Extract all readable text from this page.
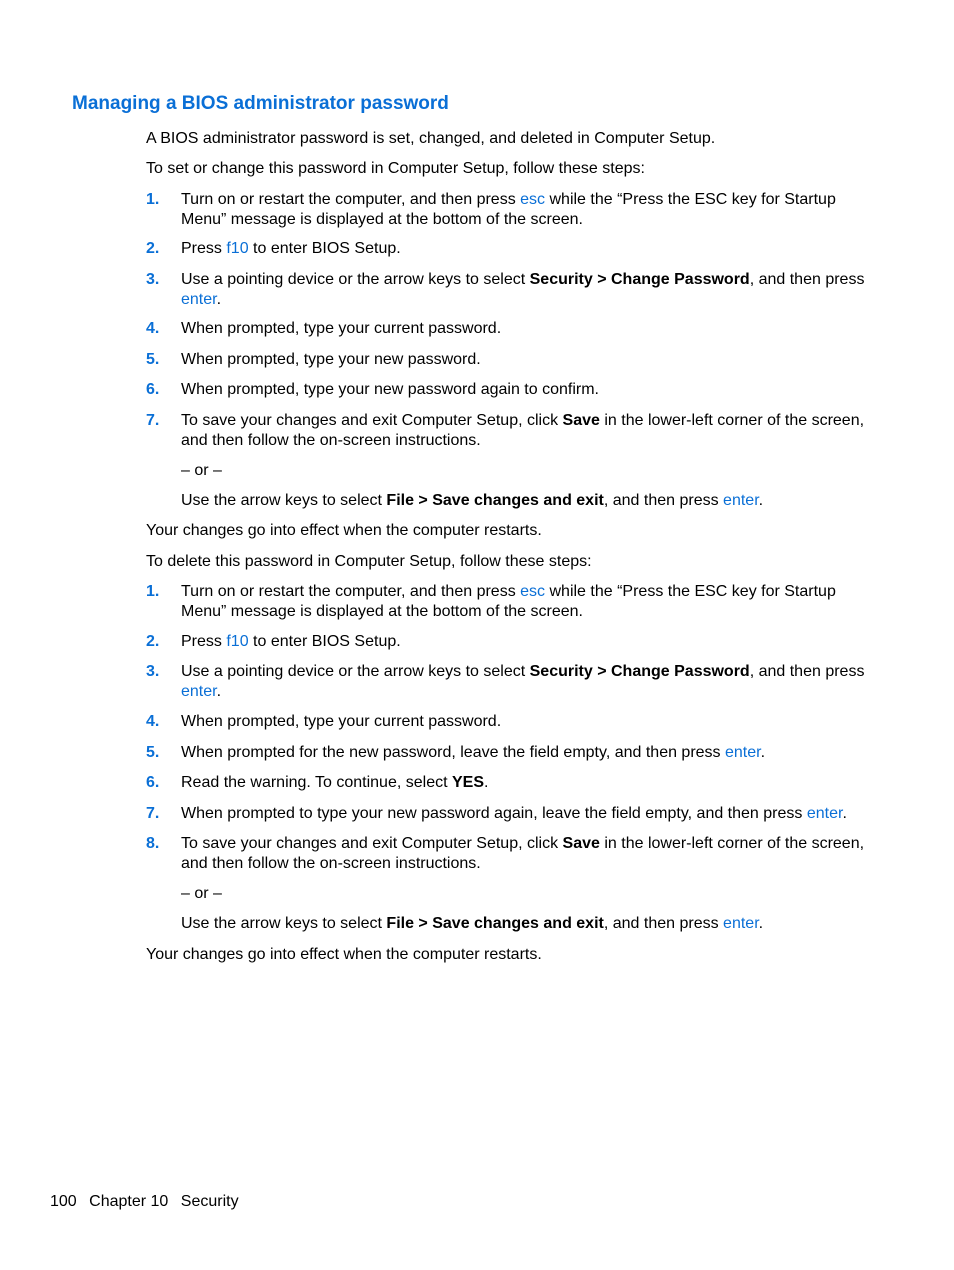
Managing a BIOS administrator password

A BIOS administrator password is set, changed, and deleted in Computer Setup.

To set or change this password in Computer Setup, follow these steps:

1.	Turn on or restart the computer, and then press esc while the “Press the ESC key for Startup Menu” message is displayed at the bottom of the screen.
2.	Press f10 to enter BIOS Setup.
3.	Use a pointing device or the arrow keys to select Security > Change Password, and then press enter.
4.	When prompted, type your current password.
5.	When prompted, type your new password.
6.	When prompted, type your new password again to confirm.
7.	To save your changes and exit Computer Setup, click Save in the lower-left corner of the screen, and then follow the on-screen instructions.

– or –

Use the arrow keys to select File > Save changes and exit, and then press enter.

Your changes go into effect when the computer restarts.

To delete this password in Computer Setup, follow these steps:

1.	Turn on or restart the computer, and then press esc while the “Press the ESC key for Startup Menu” message is displayed at the bottom of the screen.
2.	Press f10 to enter BIOS Setup.
3.	Use a pointing device or the arrow keys to select Security > Change Password, and then press enter.
4.	When prompted, type your current password.
5.	When prompted for the new password, leave the field empty, and then press enter.
6.	Read the warning. To continue, select YES.
7.	When prompted to type your new password again, leave the field empty, and then press enter.
8.	To save your changes and exit Computer Setup, click Save in the lower-left corner of the screen, and then follow the on-screen instructions.

– or –

Use the arrow keys to select File > Save changes and exit, and then press enter.

Your changes go into effect when the computer restarts.

100 Chapter 10 Security
